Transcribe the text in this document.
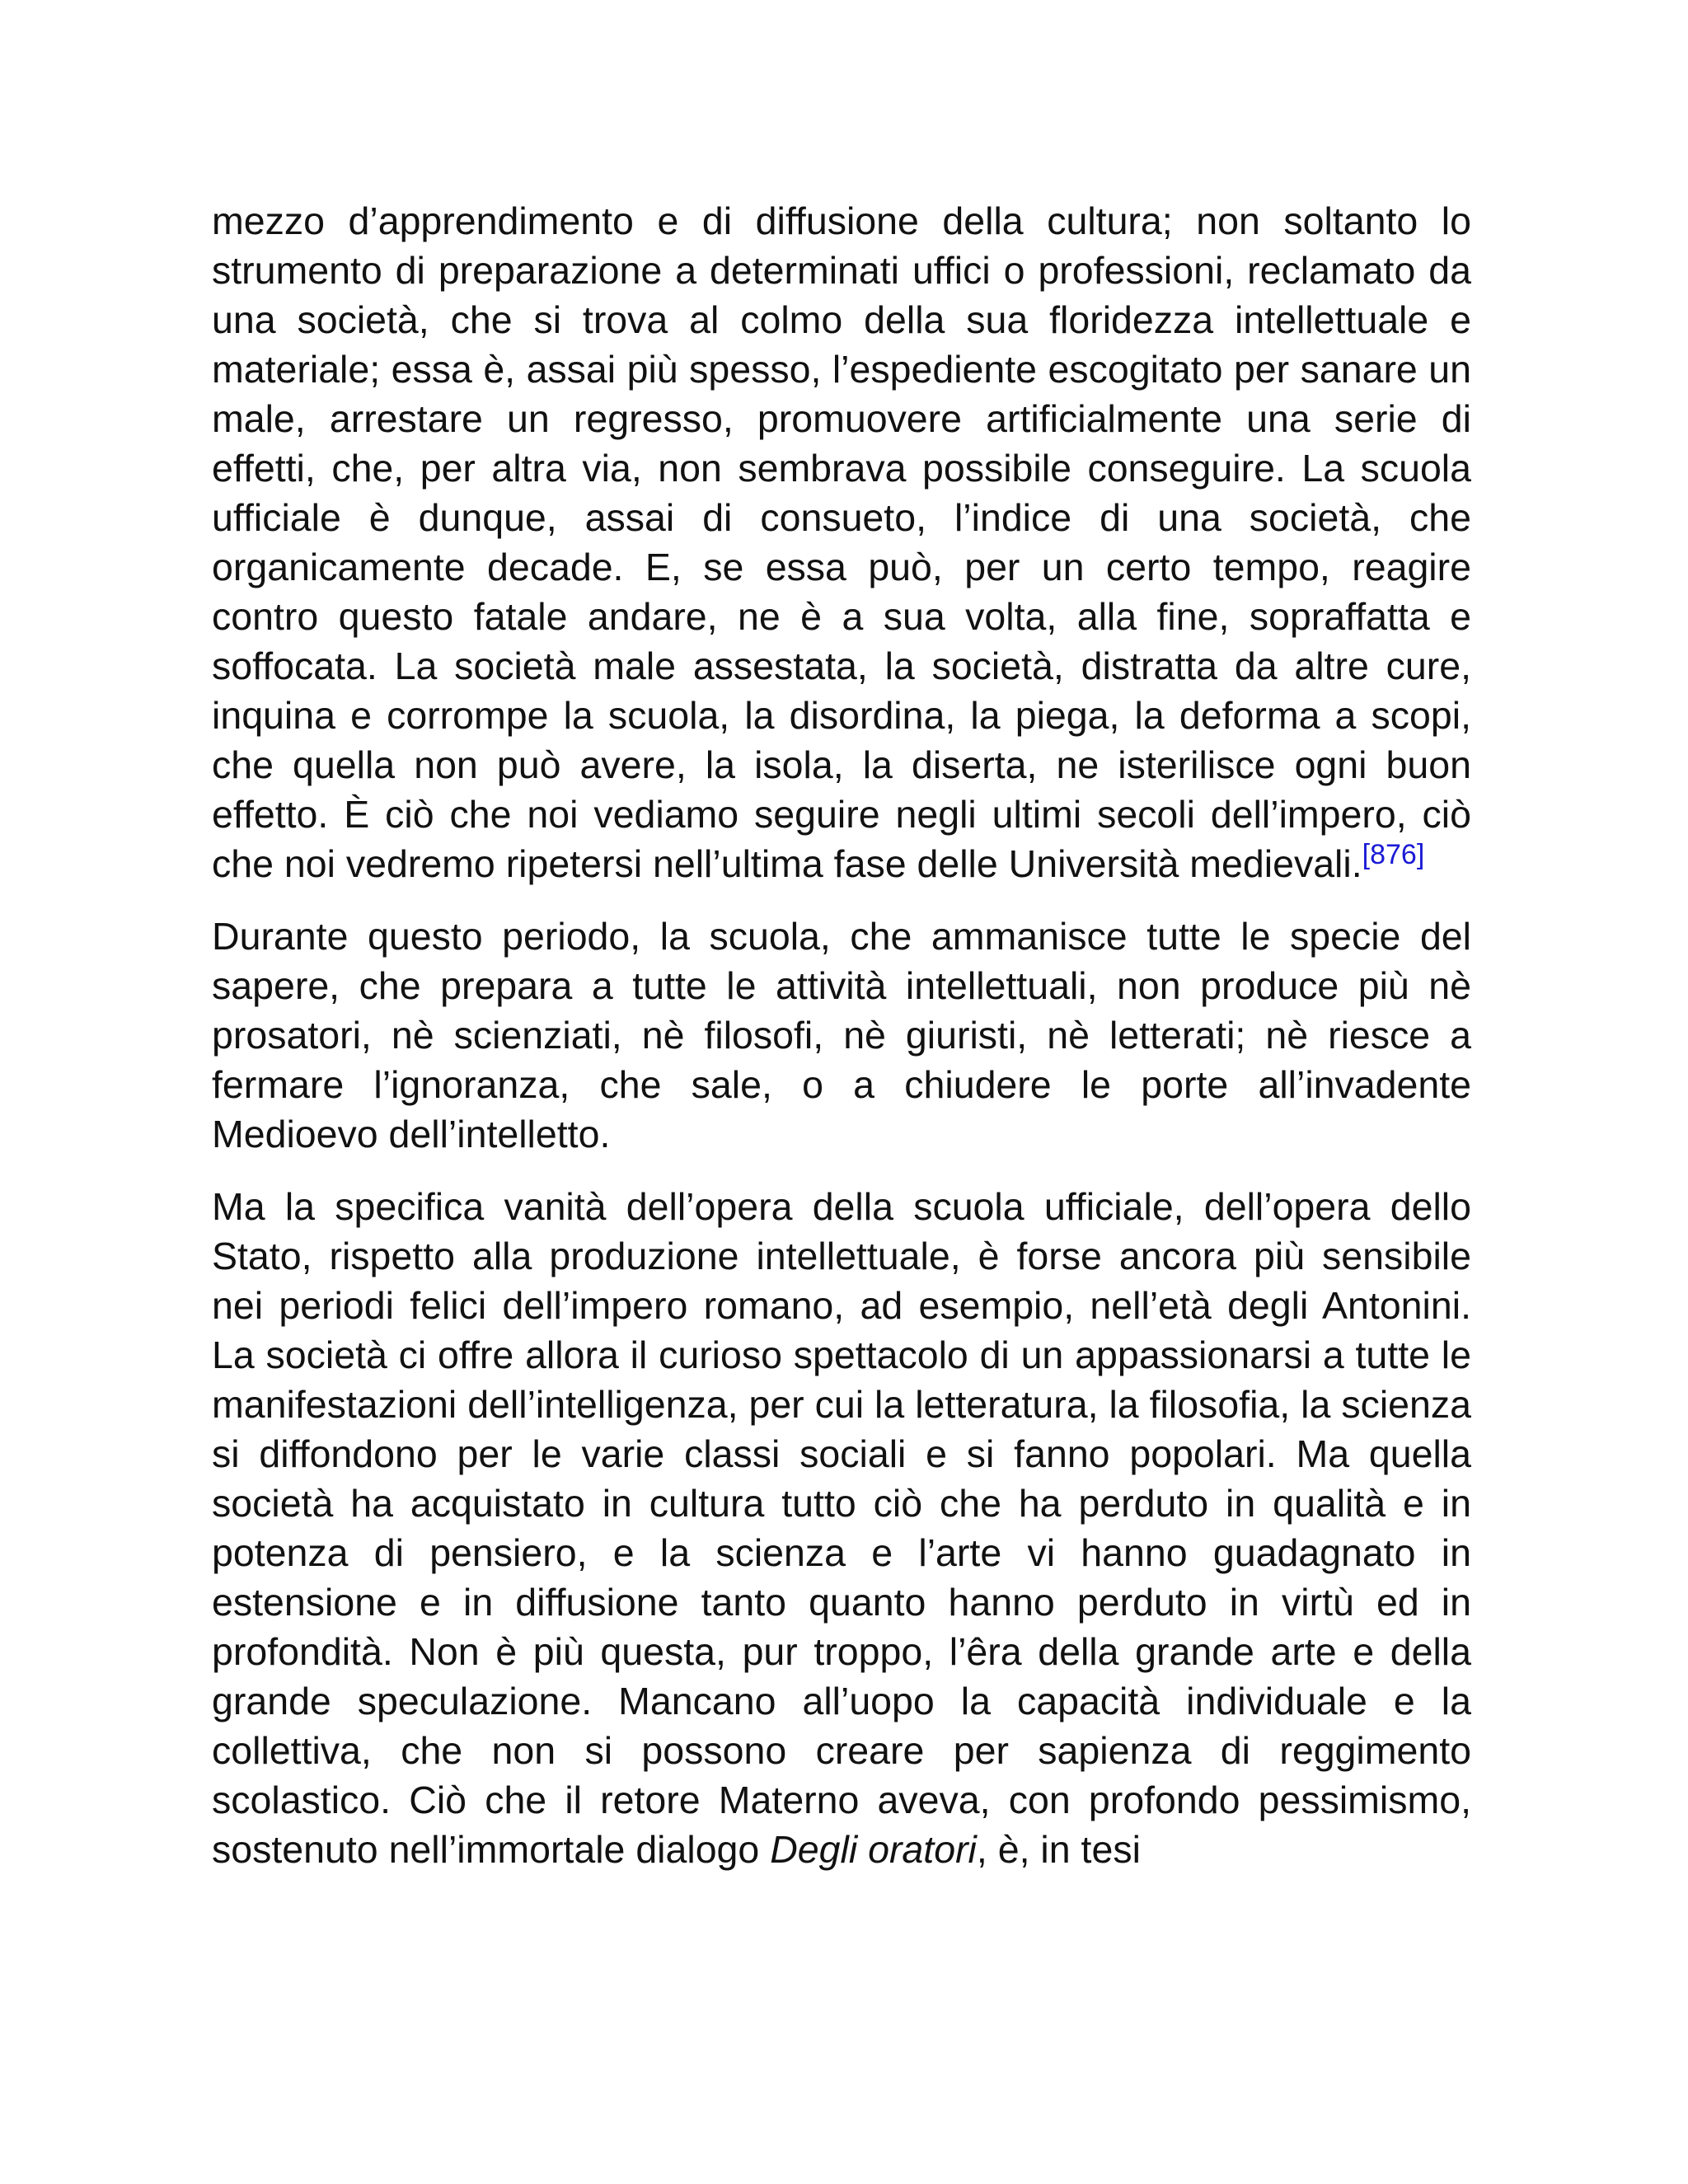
mezzo d’apprendimento e di diffusione della cultura; non soltanto lo strumento di preparazione a determinati uffici o professioni, reclamato da una società, che si trova al colmo della sua floridezza intellettuale e materiale; essa è, assai più spesso, l’espediente escogitato per sanare un male, arrestare un regresso, promuovere artificialmente una serie di effetti, che, per altra via, non sembrava possibile conseguire. La scuola ufficiale è dunque, assai di consueto, l’indice di una società, che organicamente decade. E, se essa può, per un certo tempo, reagire contro questo fatale andare, ne è a sua volta, alla fine, sopraffatta e soffocata. La società male assestata, la società, distratta da altre cure, inquina e corrompe la scuola, la disordina, la piega, la deforma a scopi, che quella non può avere, la isola, la diserta, ne isterilisce ogni buon effetto. È ciò che noi vediamo seguire negli ultimi secoli dell’impero, ciò che noi vedremo ripetersi nell’ultima fase delle Università medievali.[876]

Durante questo periodo, la scuola, che ammanisce tutte le specie del sapere, che prepara a tutte le attività intellettuali, non produce più nè prosatori, nè scienziati, nè filosofi, nè giuristi, nè letterati; nè riesce a fermare l’ignoranza, che sale, o a chiudere le porte all’invadente Medioevo dell’intelletto.

Ma la specifica vanità dell’opera della scuola ufficiale, dell’opera dello Stato, rispetto alla produzione intellettuale, è forse ancora più sensibile nei periodi felici dell’impero romano, ad esempio, nell’età degli Antonini. La società ci offre allora il curioso spettacolo di un appassionarsi a tutte le manifestazioni dell’intelligenza, per cui la letteratura, la filosofia, la scienza si diffondono per le varie classi sociali e si fanno popolari. Ma quella società ha acquistato in cultura tutto ciò che ha perduto in qualità e in potenza di pensiero, e la scienza e l’arte vi hanno guadagnato in estensione e in diffusione tanto quanto hanno perduto in virtù ed in profondità. Non è più questa, pur troppo, l’êra della grande arte e della grande speculazione. Mancano all’uopo la capacità individuale e la collettiva, che non si possono creare per sapienza di reggimento scolastico. Ciò che il retore Materno aveva, con profondo pessimismo, sostenuto nell’immortale dialogo Degli oratori, è, in tesi
